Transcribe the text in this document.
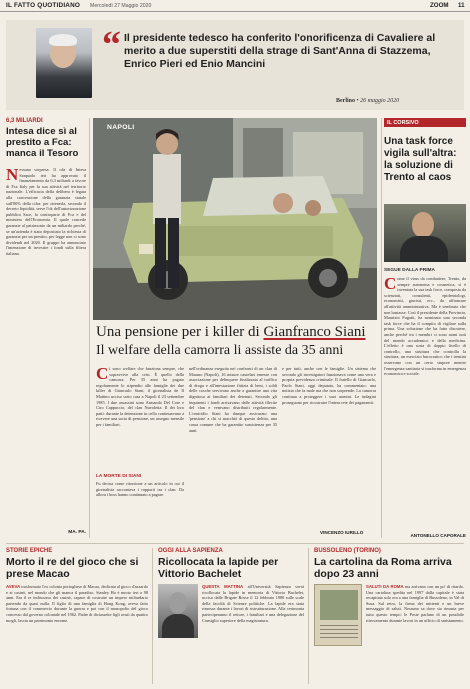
IL FATTO QUOTIDIANO Mercoledì 27 Maggio 2020	ZOOM 11
“ Il presidente tedesco ha conferito l'onorificenza di Cavaliere al merito a due superstiti della strage di Sant'Anna di Stazzema, Enrico Pieri ed Enio Mancini
Berlino • 26 maggio 2020
6,3 MILIARDI
Intesa dice sì al prestito a Fca: manca il Tesoro
N essuna sorpresa. Il cda di Intesa Sanpaolo ieri ha approvato il finanziamento da 6,3 miliardi a favore di Fca Italy per la sua attività nel territorio nazionale. L'efficacia della delibera è legata alla concessione della garanzia statale sull'80% della cifra: per ottenerla, secondo il decreto liquidità, serve l'ok dell'autorizzazione pubblica Sace, la controparte di Fca e del ministero dell'Economia. Il quale concede garanzie al patrimonio da un miliardo perché, se un'azienda è stato depositato la richiesta di garanzia per un prestito, per legge non ci sono dividendi nel 2020. Il gruppo ha annunciato l'intenzione di investire i fondi sulla filiera italiana.
MA. PA.
NAPOLI
IL CORSIVO
Una task force vigila sull'altra: la soluzione di Trento al caos
SEGUE DALLA PRIMA
C ome il virus da combattere, Trento, da sempre autonoma e cosmetica, si è inventata la sua task force, composta da scienziati, consulenti, epidemiologi, economisti, giuristi, ecc., da affiancare all'attività amministrativa. Ma è sembrato che non bastasse. Così il presidente della Provincia, Maurizio Fugatti, ha nominato una seconda task force che ha il compito di vigilare sulla prima. Una soluzione che ha fatto discutere, anche perché tra i membri ci sono nomi noti del mondo accademico e della medicina. L'effetto è una sorta di doppio livello di controllo, una struttura che controlla la struttura, un esercizio burocratico che i trentini osservano con un certo stupore mentre l'emergenza sanitaria si trasforma in emergenza economica e sociale.
ANTONELLO CAPORALE
Una pensione per i killer di Gianfranco Siani
Il welfare della camorra li assiste da 35 anni
C i sono welfare che funziona sempre, che sopravvive alla crisi. È quello della camorra. Per 35 anni ha pagato regolarmente lo stipendio alle famiglie dei due killer di Giancarlo Siani, il giornalista de Il Mattino ucciso sotto casa a Napoli il 23 settembre 1985. I due assassini sono Armando Del Core e Ciro Cappuccio, del clan Nuvoletta. Il dei loro patti: durante la detenzione in cella continuavano a ricevere una sorta di pensione, un assegno mensile per i familiari.
LA MORTE DI SIANI
Fu decisa come ritorsione a un articolo in cui il giornalista raccontava i rapporti tra i clan. Da allora i boss hanno continuato a pagare.
nell'ordinanza eseguita nei confronti di un clan di Marano (Napoli), 16 misure cautelari emesse con associazione per delinquere finalizzata al traffico di droga e all'intestazione fittizia di beni, i soldi delle cosche servivano anche a garantire una vita dignitosa ai familiari dei detenuti. Secondo gli inquirenti i fondi arrivavano dalle attività illecite del clan e venivano distribuiti regolarmente. L'omicidio Siani ha dunque assicurato una 'pensione' a chi si macchiò di questo delitto, una cassa comune che ha garantito sussistenza per 35 anni.
e per tutti, anche con le famiglie. Un sistema che secondo gli investigatori funzionava come una vera e propria previdenza criminale. Il fratello di Giancarlo, Paolo Siani, oggi deputato, ha commentato: una notizia che fa male ma che non sorprende. La camorra continua a proteggere i suoi uomini. Le indagini proseguono per ricostruire l'intera rete dei pagamenti.
VINCENZO IURILLO
STORIE EPICHE
Morto il re del gioco che si prese Macao
AVEVA trasformato l'ex colonia portoghese di Macao, dedicata al gioco d'azzardo e ai casinò, nel mondo che gli manca il paradiso. Stanley Ho è morto ieri a 98 anni. Era il re indiscusso dei casinò, capace di costruire un impero miliardario partendo da quasi nulla. Il figlio di una famiglia di Hong Kong, aveva fatto fortuna con il commercio durante la guerra e poi con il monopolio del gioco concesso dal governo coloniale nel 1962. Padre di diciassette figli avuti da quattro mogli, lascia un patrimonio enorme.
OGGI ALLA SAPIENZA
Ricollocata la lapide per Vittorio Bachelet
QUESTA MATTINA all'Università Sapienza verrà ricollocata la lapide in memoria di Vittorio Bachelet, ucciso dalle Brigate Rosse il 12 febbraio 1980 sulle scale della facoltà di Scienze politiche. La lapide era stata rimossa durante i lavori di ristrutturazione. Alla cerimonia parteciperanno il rettore, i familiari e una delegazione del Consiglio superiore della magistratura.
BUSSOLENO (TORINO)
La cartolina da Roma arriva dopo 23 anni
SALUTI DA ROMA ma arrivano con un po' di ritardo. Una cartolina spedita nel 1997 dalla capitale è stata recapitata solo ora a una famiglia di Bussoleno, in Val di Susa. Sul retro, la firma dei mittenti e un breve messaggio di saluti. Nessuno sa dove sia rimasta per tutto questo tempo: le Poste parlano di un possibile ritrovamento durante lavori in un ufficio di smistamento.
